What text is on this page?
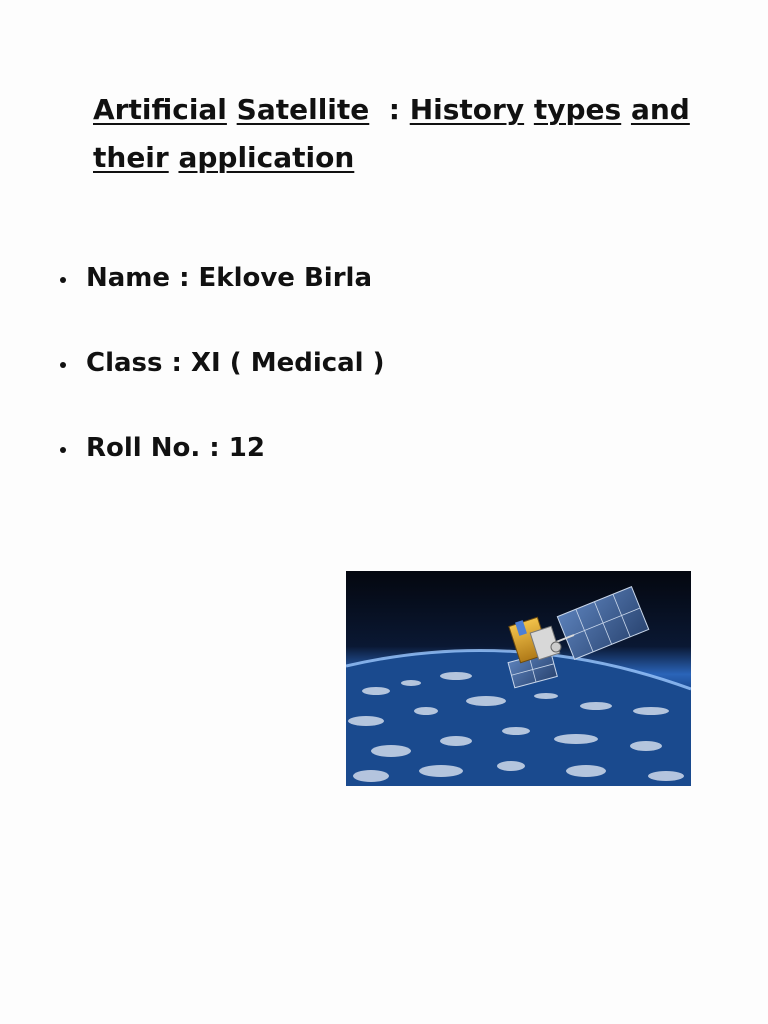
Artificial Satellite : History types and their application
Name : Eklove Birla
Class : XI ( Medical )
Roll No. : 12
